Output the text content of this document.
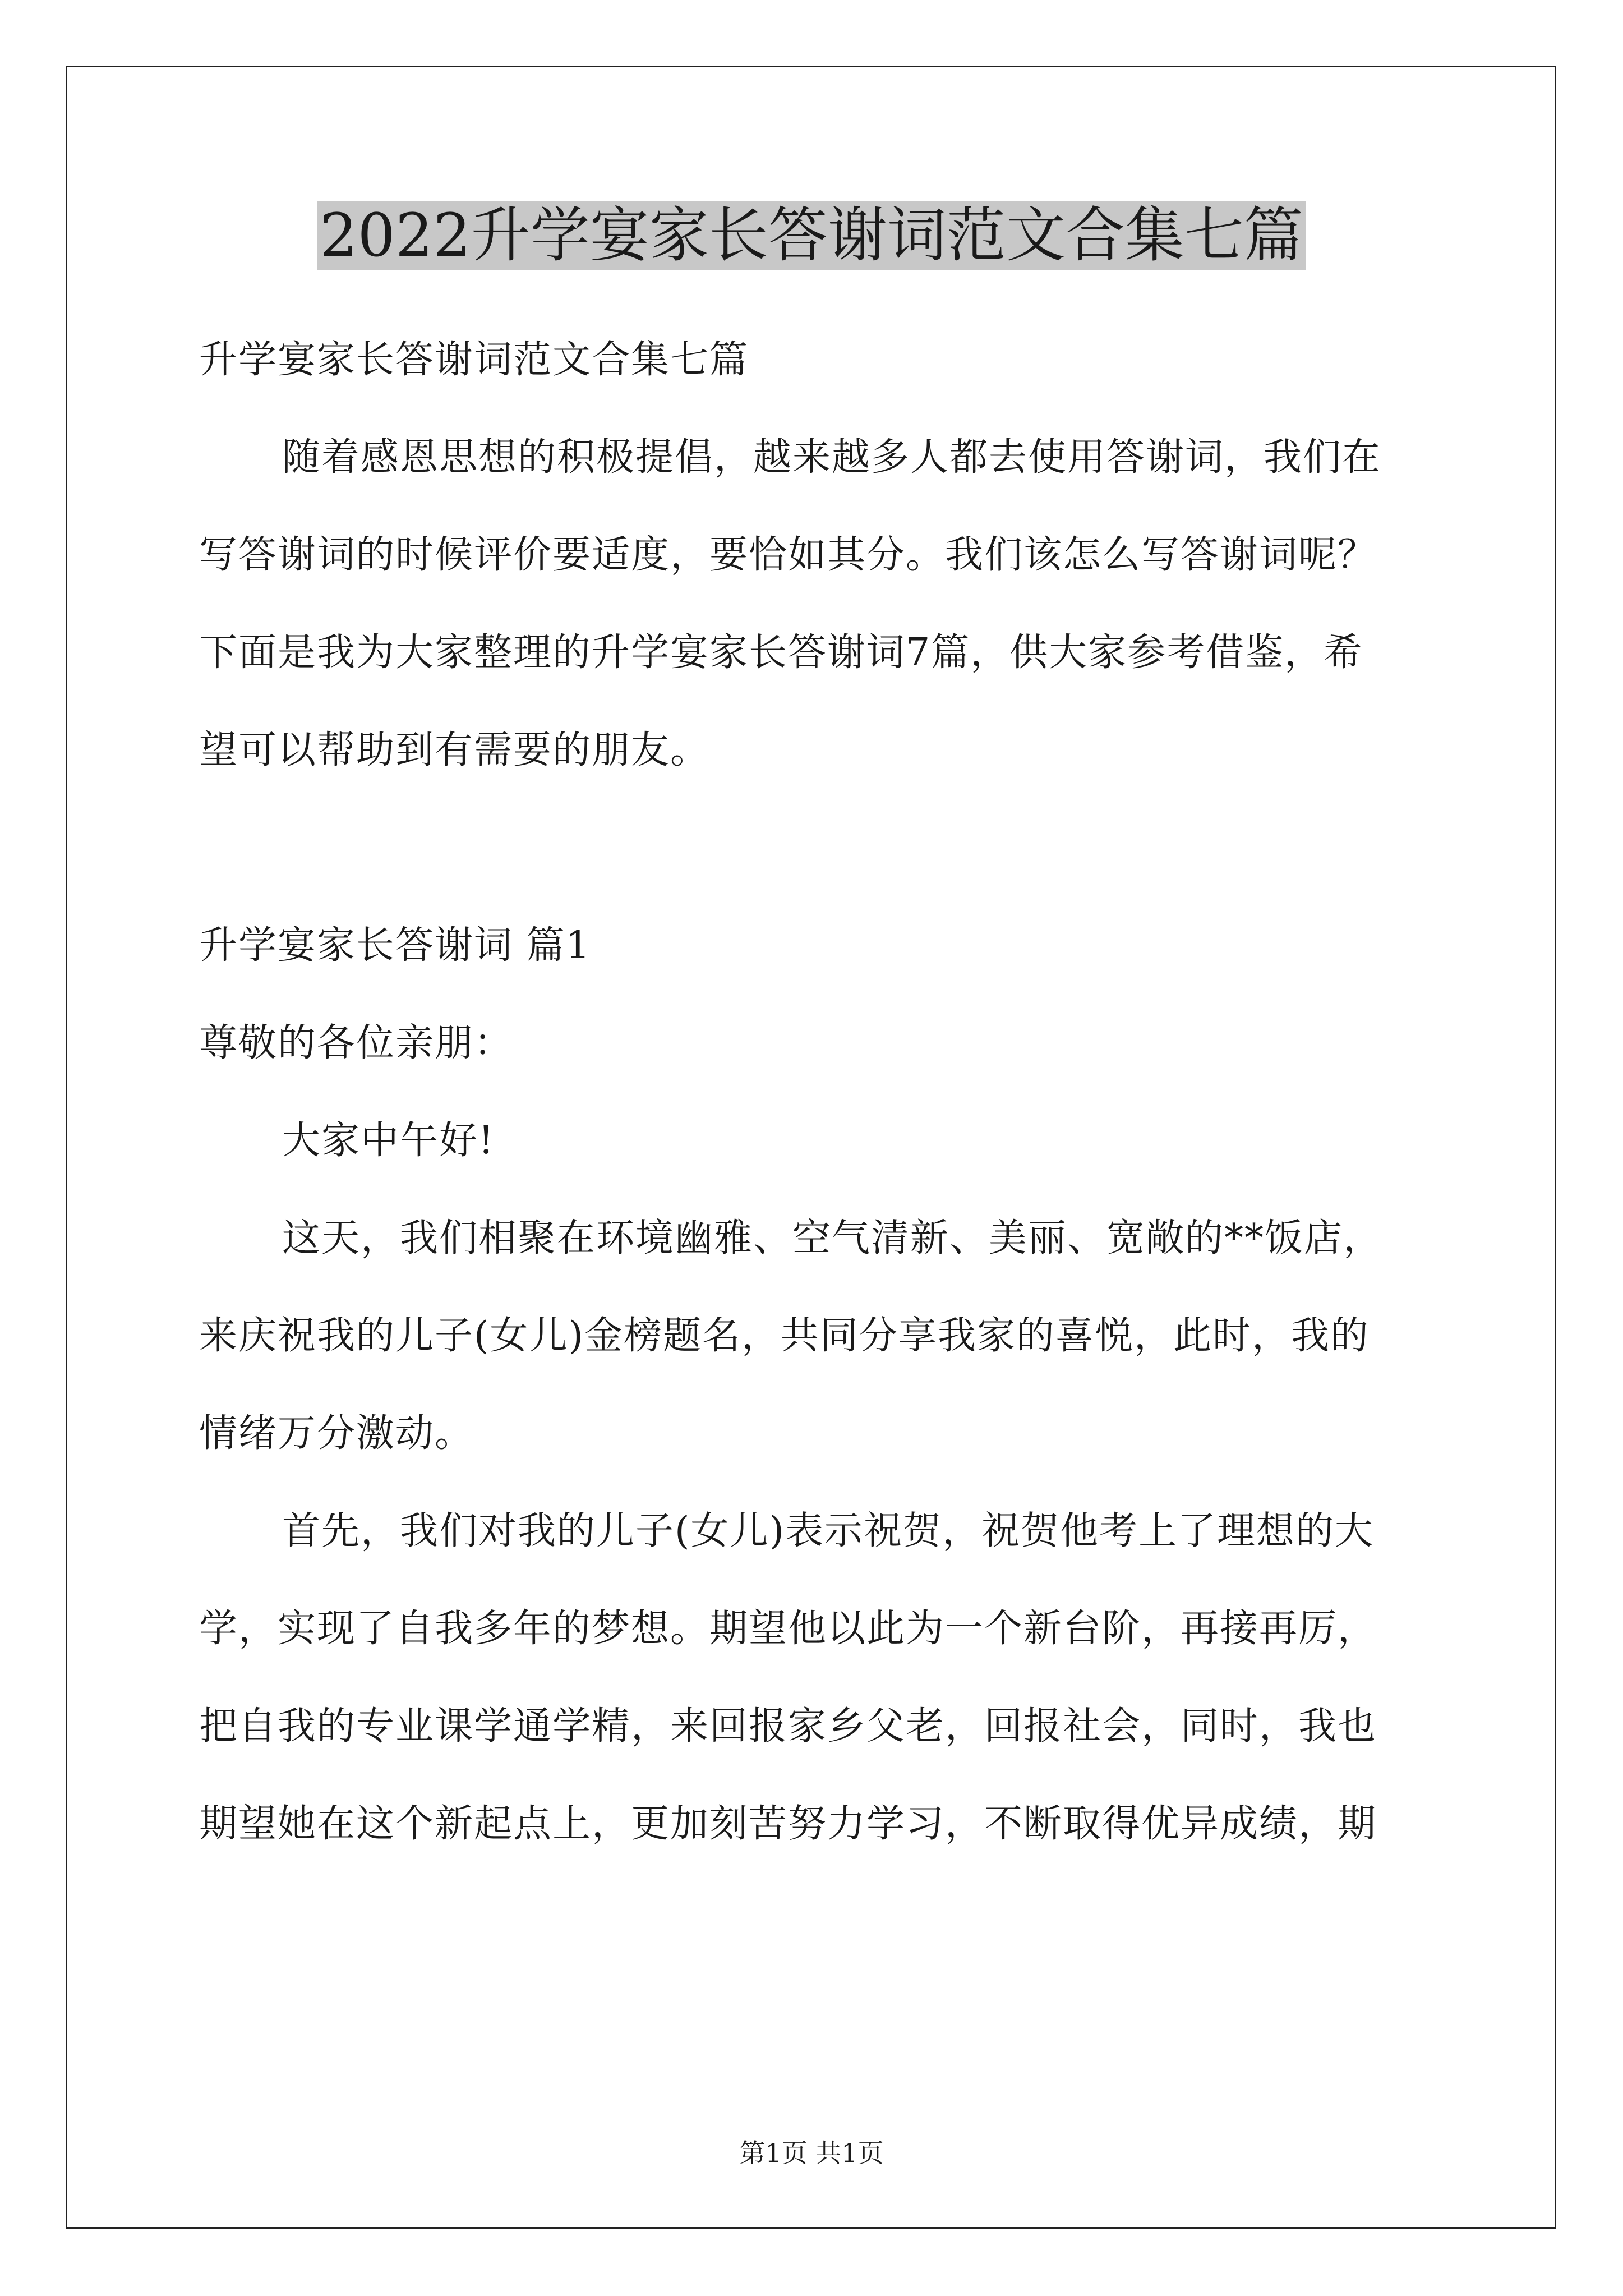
2022升学宴家长答谢词范文合集七篇
升学宴家长答谢词范文合集七篇
随着感恩思想的积极提倡，越来越多人都去使用答谢词，我们在
写答谢词的时候评价要适度，要恰如其分。我们该怎么写答谢词呢？
下面是我为大家整理的升学宴家长答谢词7篇，供大家参考借鉴，希
望可以帮助到有需要的朋友。
升学宴家长答谢词 篇1
尊敬的各位亲朋：
大家中午好!
这天，我们相聚在环境幽雅、空气清新、美丽、宽敞的**饭店，
来庆祝我的儿子(女儿)金榜题名，共同分享我家的喜悦，此时，我的
情绪万分激动。
首先，我们对我的儿子(女儿)表示祝贺，祝贺他考上了理想的大
学，实现了自我多年的梦想。期望他以此为一个新台阶，再接再厉，
把自我的专业课学通学精，来回报家乡父老，回报社会，同时，我也
期望她在这个新起点上，更加刻苦努力学习，不断取得优异成绩，期
第1页 共1页
